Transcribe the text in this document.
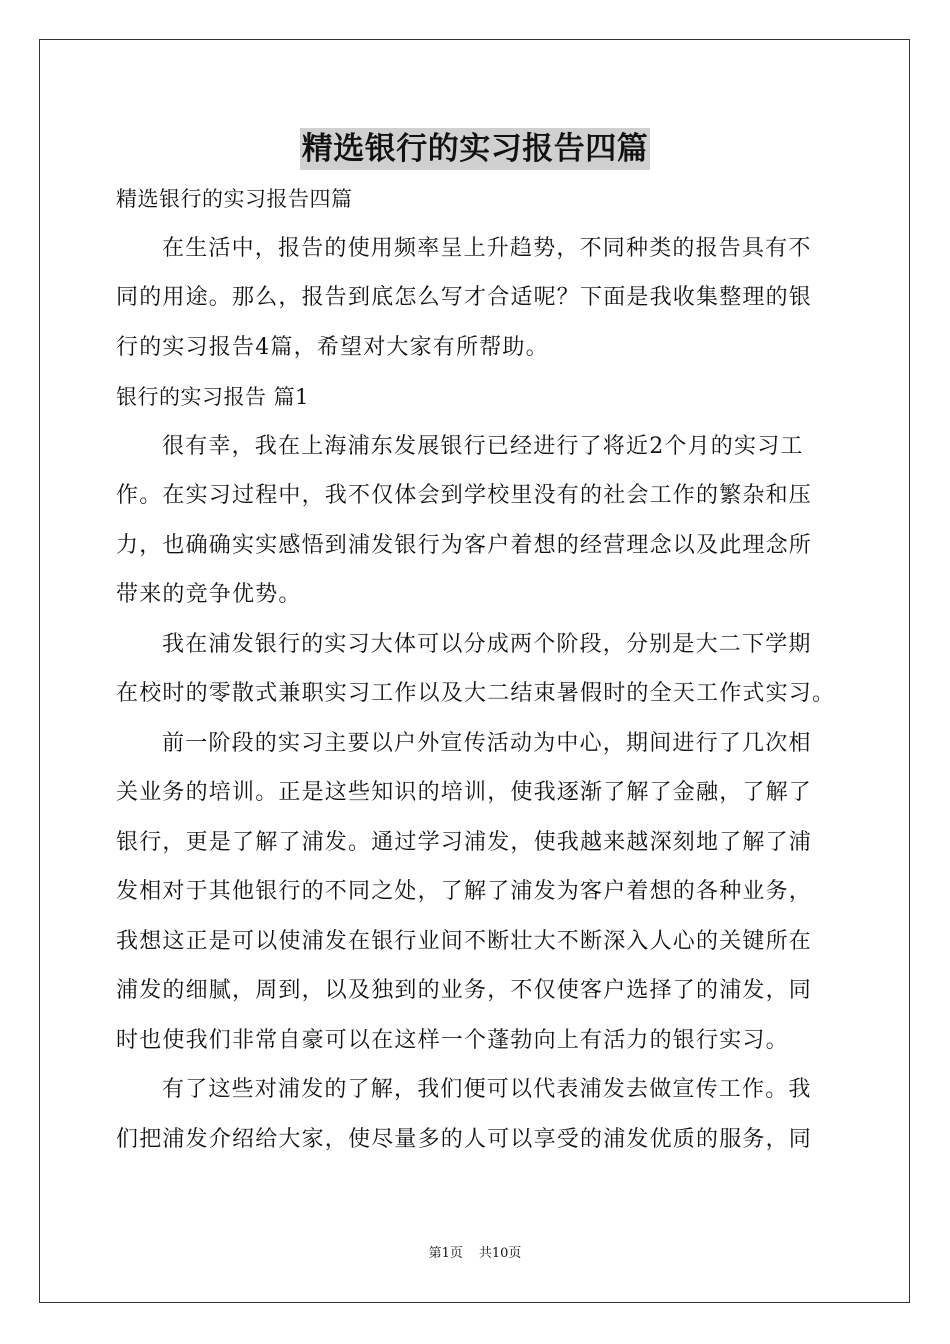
精选银行的实习报告四篇
精选银行的实习报告四篇
在生活中，报告的使用频率呈上升趋势，不同种类的报告具有不
同的用途。那么，报告到底怎么写才合适呢？下面是我收集整理的银
行的实习报告4篇，希望对大家有所帮助。
银行的实习报告 篇1
很有幸，我在上海浦东发展银行已经进行了将近2个月的实习工
作。在实习过程中，我不仅体会到学校里没有的社会工作的繁杂和压
力，也确确实实感悟到浦发银行为客户着想的经营理念以及此理念所
带来的竞争优势。
我在浦发银行的实习大体可以分成两个阶段，分别是大二下学期
在校时的零散式兼职实习工作以及大二结束暑假时的全天工作式实习。
前一阶段的实习主要以户外宣传活动为中心，期间进行了几次相
关业务的培训。正是这些知识的培训，使我逐渐了解了金融，了解了
银行，更是了解了浦发。通过学习浦发，使我越来越深刻地了解了浦
发相对于其他银行的不同之处，了解了浦发为客户着想的各种业务，
我想这正是可以使浦发在银行业间不断壮大不断深入人心的关键所在
浦发的细腻，周到，以及独到的业务，不仅使客户选择了的浦发，同
时也使我们非常自豪可以在这样一个蓬勃向上有活力的银行实习。
有了这些对浦发的了解，我们便可以代表浦发去做宣传工作。我
们把浦发介绍给大家，使尽量多的人可以享受的浦发优质的服务，同
第1页 共10页
